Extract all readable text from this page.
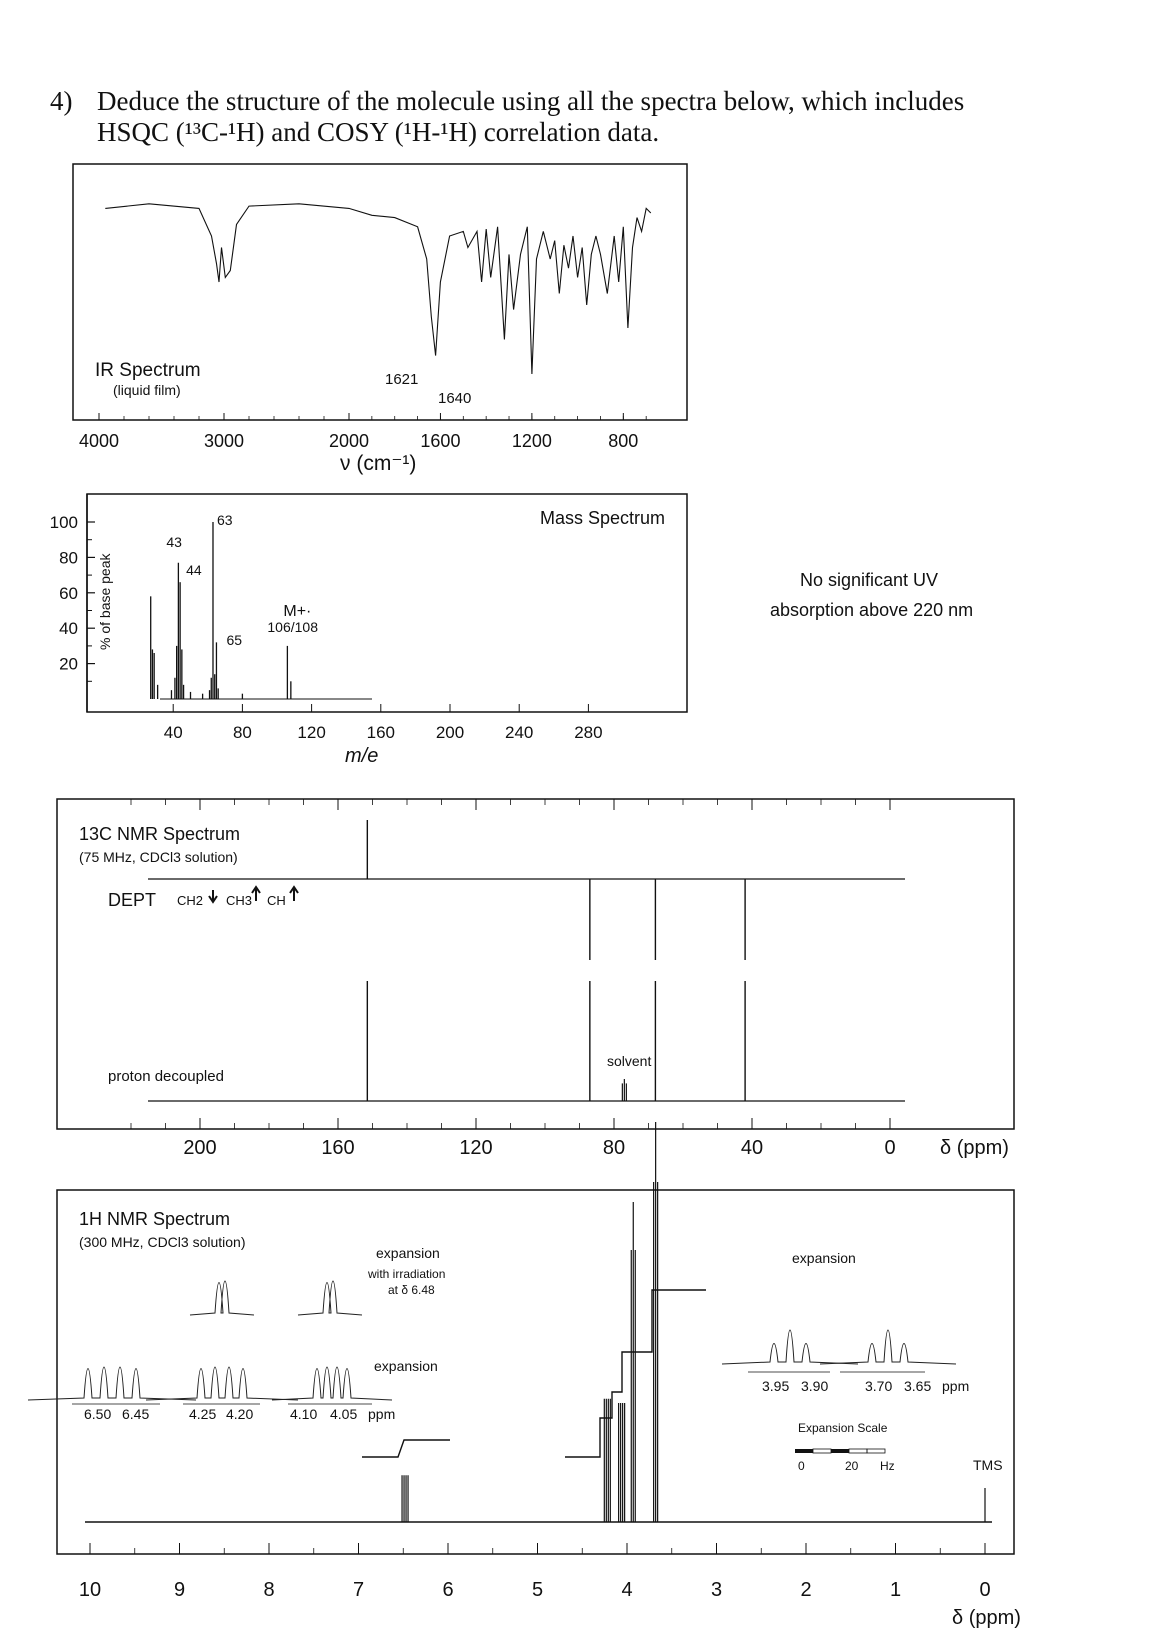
4) Deduce the structure of the molecule using all the spectra below, which includes
HSQC (¹³C-¹H) and COSY (¹H-¹H) correlation data.
4000	3000	2000	1600	1200	800
IR Spectrum
(liquid film)
1621
1640
ν (cm⁻¹)
100
80
60
40
20
40	80	120 160 200 240 280
43
44
63
65
M+·
106/108
Mass Spectrum
% of base peak
m/e
No significant UV
absorption above 220 nm
200	160	120	80	40	0
13C NMR Spectrum
(75 MHz, CDCl3 solution)
DEPT CH2 CH3 CH
proton decoupled
solvent
δ (ppm)
10	9	8	7	6	5	4	3	2	1	0
1H NMR Spectrum
(300 MHz, CDCl3 solution)
expansion
with irradiation
at δ 6.48
expansion
expansion
6.50 6.45	4.25 4.20	4.10 4.05 ppm
3.95 3.90	3.70 3.65 ppm
Expansion Scale
0	20 Hz	TMS
δ (ppm)
